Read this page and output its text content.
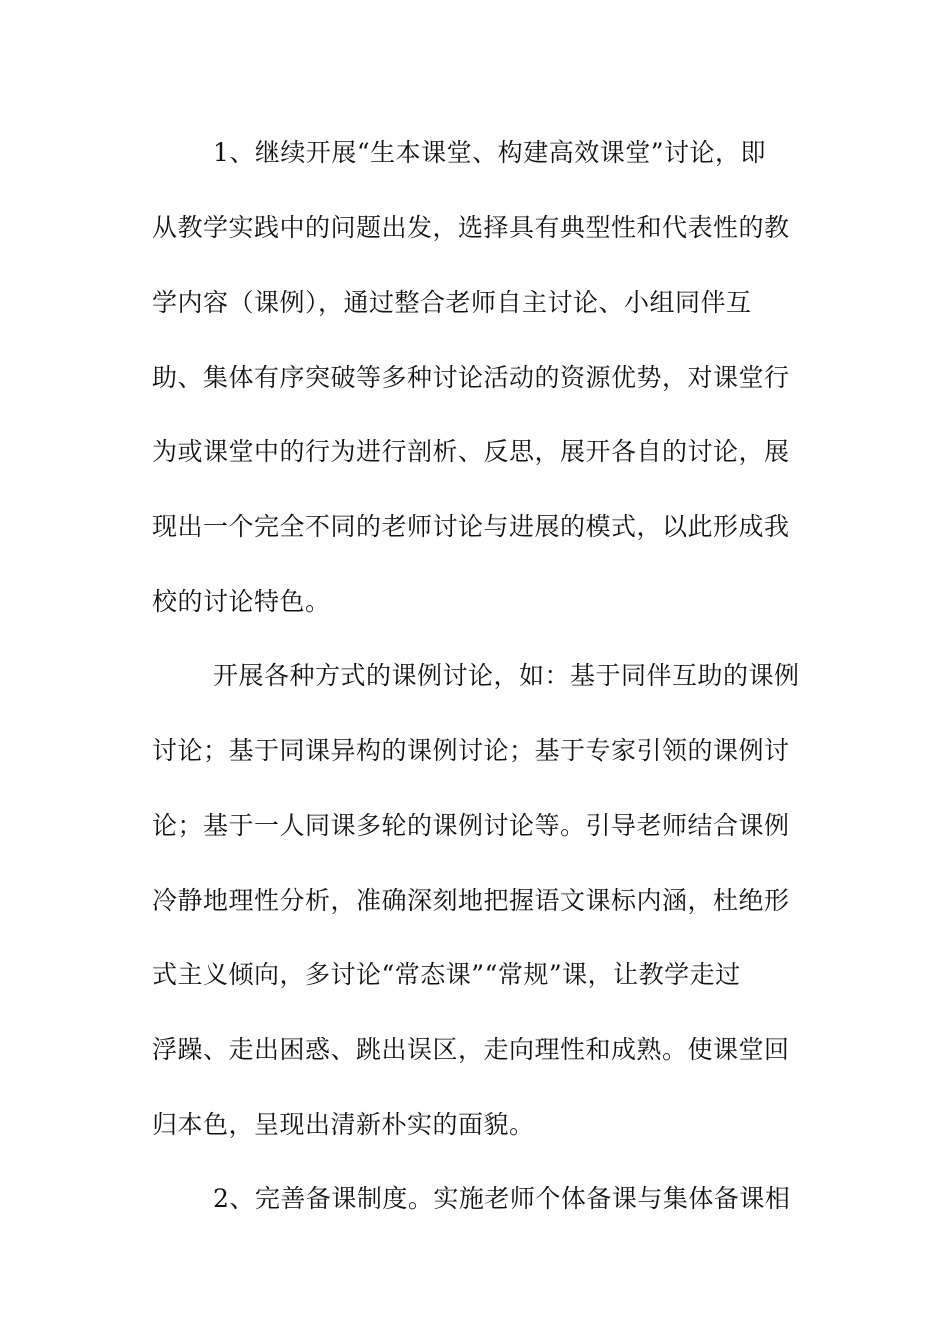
1、继续开展“生本课堂、构建高效课堂”讨论，即
从教学实践中的问题出发，选择具有典型性和代表性的教
学内容（课例），通过整合老师自主讨论、小组同伴互
助、集体有序突破等多种讨论活动的资源优势，对课堂行
为或课堂中的行为进行剖析、反思，展开各自的讨论，展
现出一个完全不同的老师讨论与进展的模式，以此形成我
校的讨论特色。
开展各种方式的课例讨论，如：基于同伴互助的课例
讨论；基于同课异构的课例讨论；基于专家引领的课例讨
论；基于一人同课多轮的课例讨论等。引导老师结合课例
冷静地理性分析，准确深刻地把握语文课标内涵，杜绝形
式主义倾向，多讨论“常态课”“常规”课，让教学走过
浮躁、走出困惑、跳出误区，走向理性和成熟。使课堂回
归本色，呈现出清新朴实的面貌。
2、完善备课制度。实施老师个体备课与集体备课相
